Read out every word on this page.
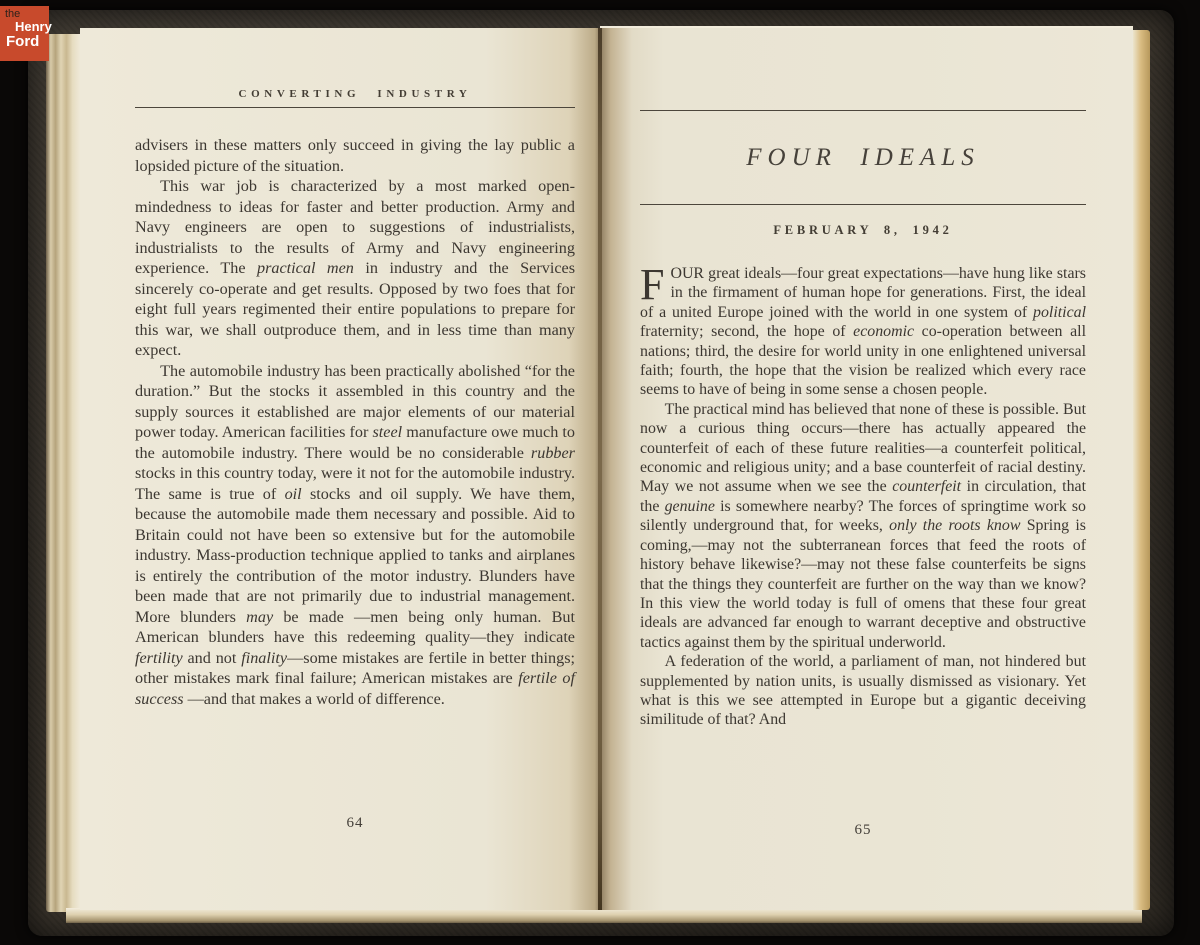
CONVERTING INDUSTRY

advisers in these matters only succeed in giving the lay public a lopsided picture of the situation.

This war job is characterized by a most marked open-mindedness to ideas for faster and better production. Army and Navy engineers are open to suggestions of industrialists, industrialists to the results of Army and Navy engineering experience. The practical men in industry and the Services sincerely co-operate and get results. Opposed by two foes that for eight full years regimented their entire populations to prepare for this war, we shall outproduce them, and in less time than many expect.

The automobile industry has been practically abolished “for the duration.” But the stocks it assembled in this country and the supply sources it established are major elements of our material power today. American facilities for steel manufacture owe much to the automobile industry. There would be no considerable rubber stocks in this country today, were it not for the automobile industry. The same is true of oil stocks and oil supply. We have them, because the automobile made them necessary and possible. Aid to Britain could not have been so extensive but for the automobile industry. Mass-production technique applied to tanks and airplanes is entirely the contribution of the motor industry. Blunders have been made that are not primarily due to industrial management. More blunders may be made —men being only human. But American blunders have this redeeming quality—they indicate fertility and not finality—some mistakes are fertile in better things; other mistakes mark final failure; American mistakes are fertile of success —and that makes a world of difference.

64
FOUR IDEALS
FEBRUARY 8, 1942

FOUR great ideals—four great expectations—have hung like stars in the firmament of human hope for generations. First, the ideal of a united Europe joined with the world in one system of political fraternity; second, the hope of economic co-operation between all nations; third, the desire for world unity in one enlightened universal faith; fourth, the hope that the vision be realized which every race seems to have of being in some sense a chosen people.

The practical mind has believed that none of these is possible. But now a curious thing occurs—there has actually appeared the counterfeit of each of these future realities—a counterfeit political, economic and religious unity; and a base counterfeit of racial destiny. May we not assume when we see the counterfeit in circulation, that the genuine is somewhere nearby? The forces of springtime work so silently underground that, for weeks, only the roots know Spring is coming,—may not the subterranean forces that feed the roots of history behave likewise?—may not these false counterfeits be signs that the things they counterfeit are further on the way than we know? In this view the world today is full of omens that these four great ideals are advanced far enough to warrant deceptive and obstructive tactics against them by the spiritual underworld.

A federation of the world, a parliament of man, not hindered but supplemented by nation units, is usually dismissed as visionary. Yet what is this we see attempted in Europe but a gigantic deceiving similitude of that? And

65
the
Henry
Ford
